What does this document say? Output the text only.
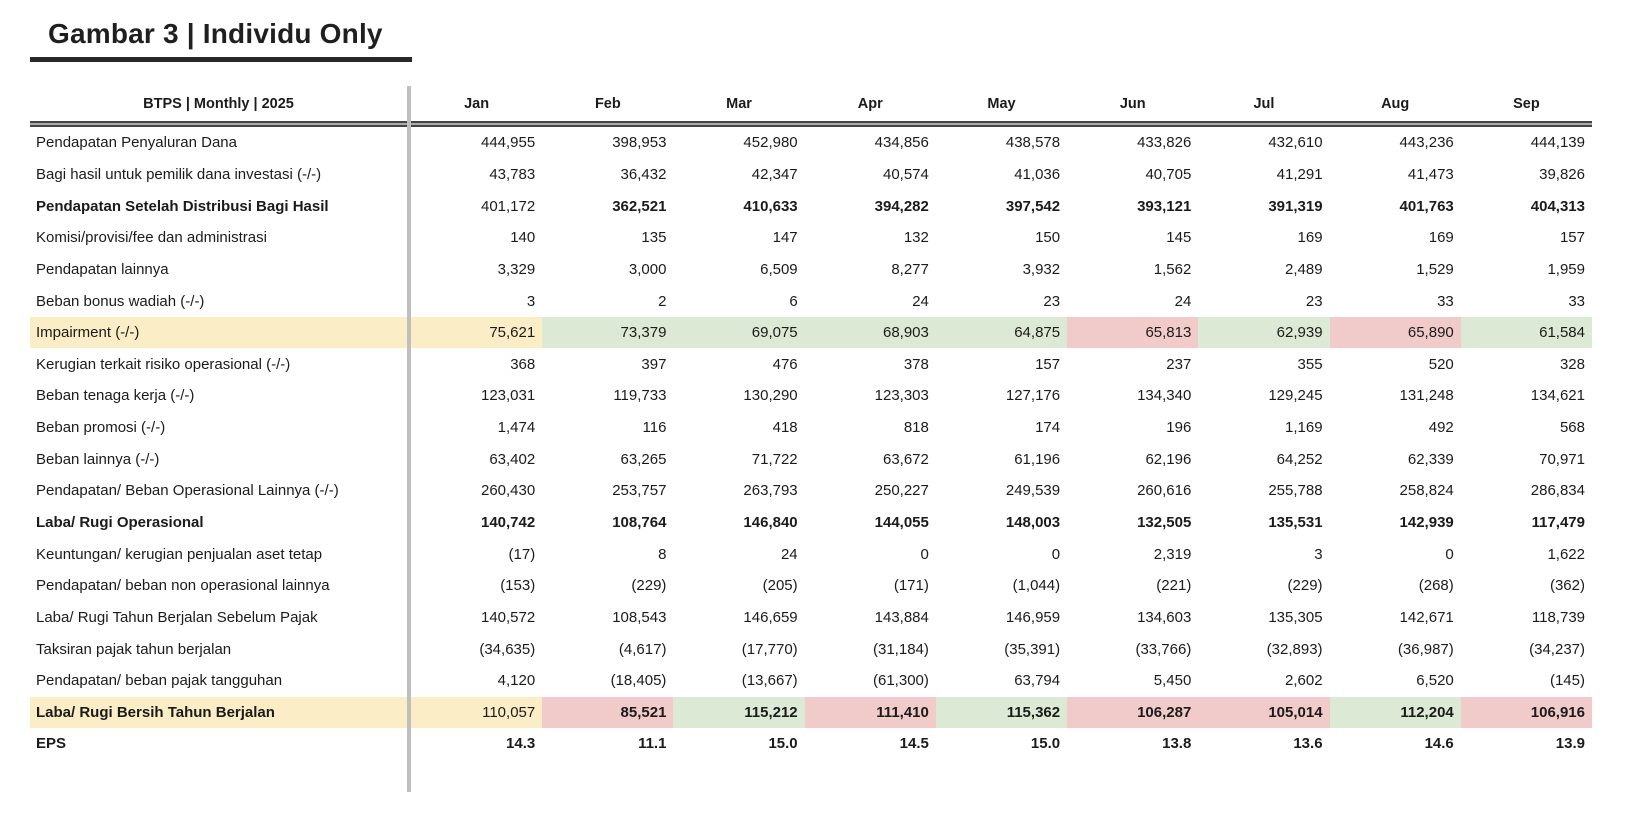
Gambar 3 | Individu Only
BTPS | Monthly | 2025	Jan	Feb	Mar	Apr	May	Jun	Jul	Aug	Sep
Pendapatan Penyaluran Dana	444,955	398,953	452,980	434,856	438,578	433,826	432,610	443,236	444,139
Bagi hasil untuk pemilik dana investasi (-/-)	43,783	36,432	42,347	40,574	41,036	40,705	41,291	41,473	39,826
Pendapatan Setelah Distribusi Bagi Hasil	401,172	362,521	410,633	394,282	397,542	393,121	391,319	401,763	404,313
Komisi/provisi/fee dan administrasi	140	135	147	132	150	145	169	169	157
Pendapatan lainnya	3,329	3,000	6,509	8,277	3,932	1,562	2,489	1,529	1,959
Beban bonus wadiah (-/-)	3	2	6	24	23	24	23	33	33
Impairment (-/-)	75,621	73,379	69,075	68,903	64,875	65,813	62,939	65,890	61,584
Kerugian terkait risiko operasional (-/-)	368	397	476	378	157	237	355	520	328
Beban tenaga kerja (-/-)	123,031	119,733	130,290	123,303	127,176	134,340	129,245	131,248	134,621
Beban promosi (-/-)	1,474	116	418	818	174	196	1,169	492	568
Beban lainnya (-/-)	63,402	63,265	71,722	63,672	61,196	62,196	64,252	62,339	70,971
Pendapatan/ Beban Operasional Lainnya (-/-)	260,430	253,757	263,793	250,227	249,539	260,616	255,788	258,824	286,834
Laba/ Rugi Operasional	140,742	108,764	146,840	144,055	148,003	132,505	135,531	142,939	117,479
Keuntungan/ kerugian penjualan aset tetap	(17)	8	24	0	0	2,319	3	0	1,622
Pendapatan/ beban non operasional lainnya	(153)	(229)	(205)	(171)	(1,044)	(221)	(229)	(268)	(362)
Laba/ Rugi Tahun Berjalan Sebelum Pajak	140,572	108,543	146,659	143,884	146,959	134,603	135,305	142,671	118,739
Taksiran pajak tahun berjalan	(34,635)	(4,617)	(17,770)	(31,184)	(35,391)	(33,766)	(32,893)	(36,987)	(34,237)
Pendapatan/ beban pajak tangguhan	4,120	(18,405)	(13,667)	(61,300)	63,794	5,450	2,602	6,520	(145)
Laba/ Rugi Bersih Tahun Berjalan	110,057	85,521	115,212	111,410	115,362	106,287	105,014	112,204	106,916
EPS	14.3	11.1	15.0	14.5	15.0	13.8	13.6	14.6	13.9
